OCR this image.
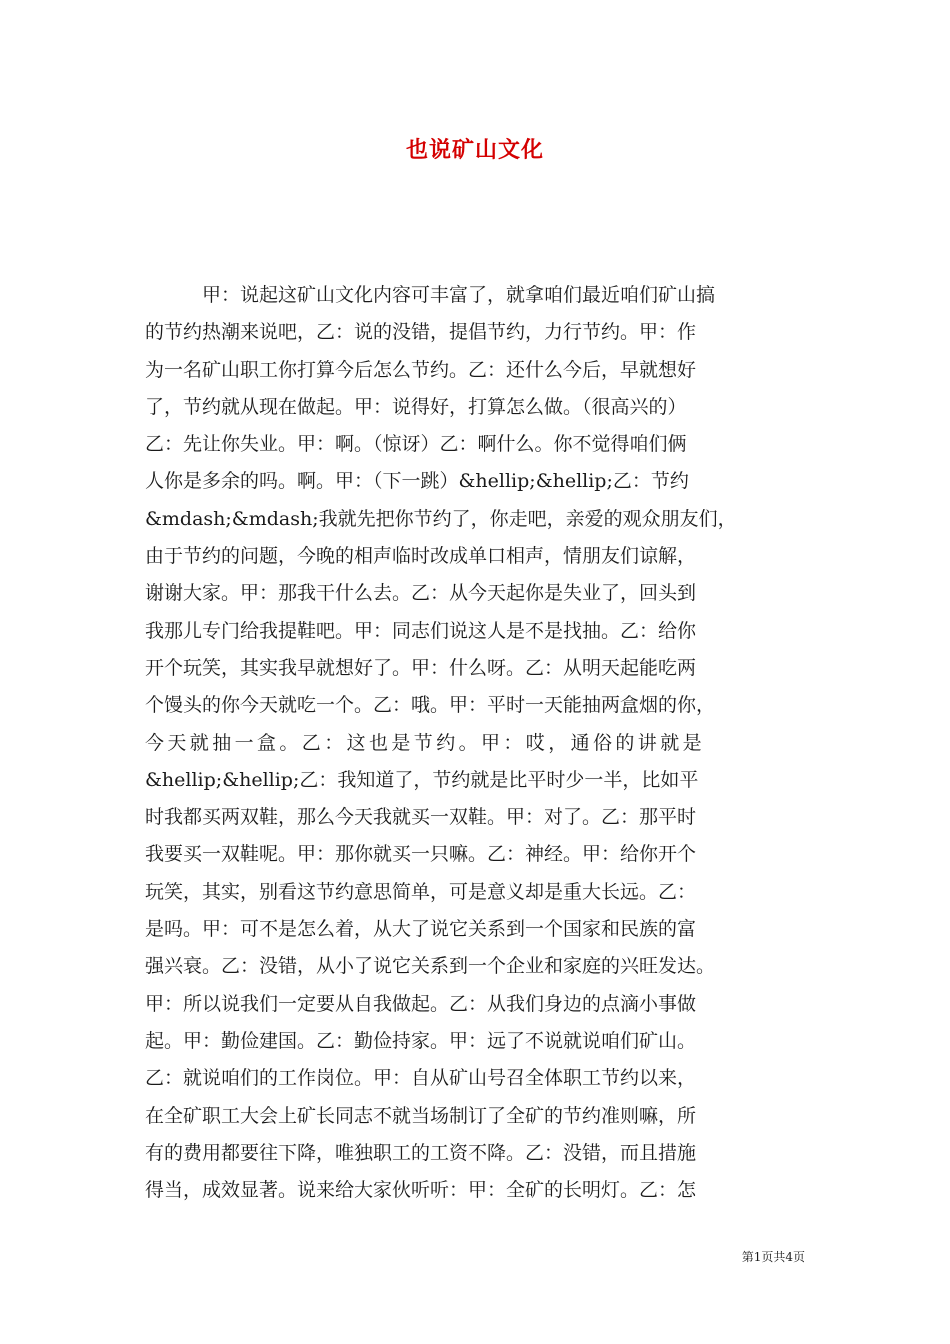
也说矿山文化
甲：说起这矿山文化内容可丰富了，就拿咱们最近咱们矿山搞
的节约热潮来说吧，乙：说的没错，提倡节约，力行节约。甲：作
为一名矿山职工你打算今后怎么节约。乙：还什么今后，早就想好
了，节约就从现在做起。甲：说得好，打算怎么做。（很高兴的）
乙：先让你失业。甲：啊。（惊讶）乙：啊什么。你不觉得咱们俩
人你是多余的吗。啊。甲：（下一跳）&hellip;&hellip;乙：节约
&mdash;&mdash;我就先把你节约了，你走吧，亲爱的观众朋友们，
由于节约的问题，今晚的相声临时改成单口相声，情朋友们谅解，
谢谢大家。甲：那我干什么去。乙：从今天起你是失业了，回头到
我那儿专门给我提鞋吧。甲：同志们说这人是不是找抽。乙：给你
开个玩笑，其实我早就想好了。甲：什么呀。乙：从明天起能吃两
个馒头的你今天就吃一个。乙：哦。甲：平时一天能抽两盒烟的你，
今天就抽一盒。乙：这也是节约。甲：哎，通俗的讲就是
&hellip;&hellip;乙：我知道了，节约就是比平时少一半，比如平
时我都买两双鞋，那么今天我就买一双鞋。甲：对了。乙：那平时
我要买一双鞋呢。甲：那你就买一只嘛。乙：神经。甲：给你开个
玩笑，其实，别看这节约意思简单，可是意义却是重大长远。乙：
是吗。甲：可不是怎么着，从大了说它关系到一个国家和民族的富
强兴衰。乙：没错，从小了说它关系到一个企业和家庭的兴旺发达。
甲：所以说我们一定要从自我做起。乙：从我们身边的点滴小事做
起。甲：勤俭建国。乙：勤俭持家。甲：远了不说就说咱们矿山。
乙：就说咱们的工作岗位。甲：自从矿山号召全体职工节约以来，
在全矿职工大会上矿长同志不就当场制订了全矿的节约准则嘛，所
有的费用都要往下降，唯独职工的工资不降。乙：没错，而且措施
得当，成效显著。说来给大家伙听听：甲：全矿的长明灯。乙：怎
第1页共4页
